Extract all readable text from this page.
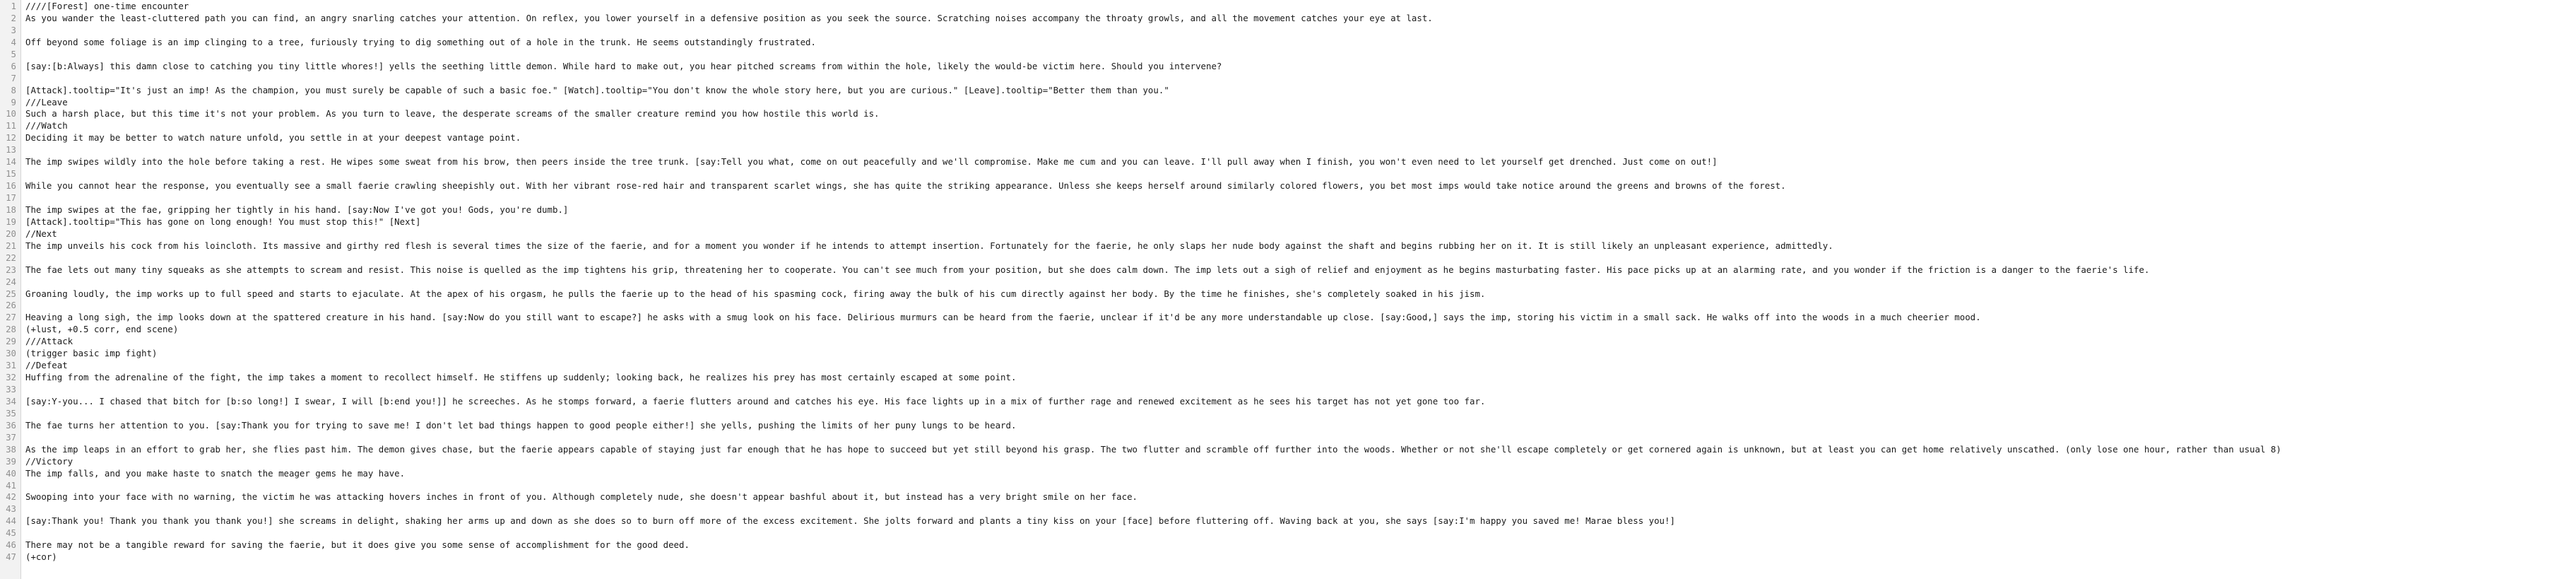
1
2
3
4
5
6
7
8
9
10
11
12
13
14
15
16
17
18
19
20
21
22
23
24
25
26
27
28
29
30
31
32
33
34
35
36
37
38
39
40
41
42
43
44
45
46
47
////[Forest] one-time encounter
As you wander the least-cluttered path you can find, an angry snarling catches your attention. On reflex, you lower yourself in a defensive position as you seek the source. Scratching noises accompany the throaty growls, and all the movement catches your eye at last.
Off beyond some foliage is an imp clinging to a tree, furiously trying to dig something out of a hole in the trunk. He seems outstandingly frustrated.
[say:[b:Always] this damn close to catching you tiny little whores!] yells the seething little demon. While hard to make out, you hear pitched screams from within the hole, likely the would-be victim here. Should you intervene?
[Attack].tooltip="It's just an imp! As the champion, you must surely be capable of such a basic foe." [Watch].tooltip="You don't know the whole story here, but you are curious." [Leave].tooltip="Better them than you."
///Leave
Such a harsh place, but this time it's not your problem. As you turn to leave, the desperate screams of the smaller creature remind you how hostile this world is.
///Watch
Deciding it may be better to watch nature unfold, you settle in at your deepest vantage point.
The imp swipes wildly into the hole before taking a rest. He wipes some sweat from his brow, then peers inside the tree trunk. [say:Tell you what, come on out peacefully and we'll compromise. Make me cum and you can leave. I'll pull away when I finish, you won't even need to let yourself get drenched. Just come on out!]
While you cannot hear the response, you eventually see a small faerie crawling sheepishly out. With her vibrant rose-red hair and transparent scarlet wings, she has quite the striking appearance. Unless she keeps herself around similarly colored flowers, you bet most imps would take notice around the greens and browns of the forest.
The imp swipes at the fae, gripping her tightly in his hand. [say:Now I've got you! Gods, you're dumb.]
[Attack].tooltip="This has gone on long enough! You must stop this!" [Next]
//Next
The imp unveils his cock from his loincloth. Its massive and girthy red flesh is several times the size of the faerie, and for a moment you wonder if he intends to attempt insertion. Fortunately for the faerie, he only slaps her nude body against the shaft and begins rubbing her on it. It is still likely an unpleasant experience, admittedly.
The fae lets out many tiny squeaks as she attempts to scream and resist. This noise is quelled as the imp tightens his grip, threatening her to cooperate. You can't see much from your position, but she does calm down. The imp lets out a sigh of relief and enjoyment as he begins masturbating faster. His pace picks up at an alarming rate, and you wonder if the friction is a danger to the faerie's life.
Groaning loudly, the imp works up to full speed and starts to ejaculate. At the apex of his orgasm, he pulls the faerie up to the head of his spasming cock, firing away the bulk of his cum directly against her body. By the time he finishes, she's completely soaked in his jism.
Heaving a long sigh, the imp looks down at the spattered creature in his hand. [say:Now do you still want to escape?] he asks with a smug look on his face. Delirious murmurs can be heard from the faerie, unclear if it'd be any more understandable up close. [say:Good,] says the imp, storing his victim in a small sack. He walks off into the woods in a much cheerier mood.
(+lust, +0.5 corr, end scene)
///Attack
(trigger basic imp fight)
//Defeat
Huffing from the adrenaline of the fight, the imp takes a moment to recollect himself. He stiffens up suddenly; looking back, he realizes his prey has most certainly escaped at some point.
[say:Y-you... I chased that bitch for [b:so long!] I swear, I will [b:end you!]] he screeches. As he stomps forward, a faerie flutters around and catches his eye. His face lights up in a mix of further rage and renewed excitement as he sees his target has not yet gone too far.
The fae turns her attention to you. [say:Thank you for trying to save me! I don't let bad things happen to good people either!] she yells, pushing the limits of her puny lungs to be heard.
As the imp leaps in an effort to grab her, she flies past him. The demon gives chase, but the faerie appears capable of staying just far enough that he has hope to succeed but yet still beyond his grasp. The two flutter and scramble off further into the woods. Whether or not she'll escape completely or get cornered again is unknown, but at least you can get home relatively unscathed. (only lose one hour, rather than usual 8)
//Victory
The imp falls, and you make haste to snatch the meager gems he may have.
Swooping into your face with no warning, the victim he was attacking hovers inches in front of you. Although completely nude, she doesn't appear bashful about it, but instead has a very bright smile on her face.
[say:Thank you! Thank you thank you thank you!] she screams in delight, shaking her arms up and down as she does so to burn off more of the excess excitement. She jolts forward and plants a tiny kiss on your [face] before fluttering off. Waving back at you, she says [say:I'm happy you saved me! Marae bless you!]
There may not be a tangible reward for saving the faerie, but it does give you some sense of accomplishment for the good deed.
(+cor)
